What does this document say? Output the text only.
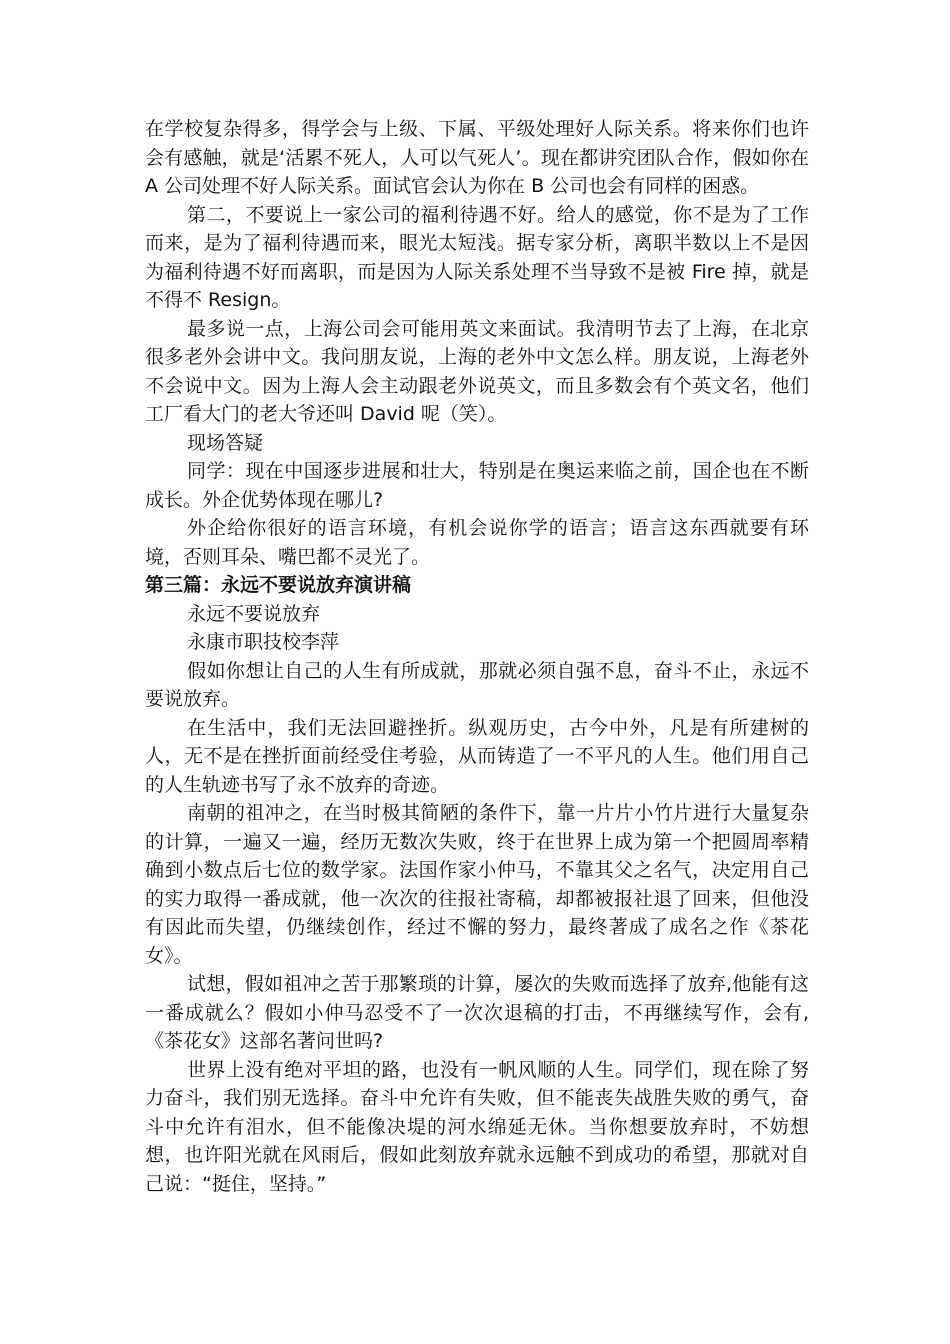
在学校复杂得多，得学会与上级、下属、平级处理好人际关系。将来你们也许会有感触，就是‘活累不死人，人可以气死人’。现在都讲究团队合作，假如你在 A 公司处理不好人际关系。面试官会认为你在 B 公司也会有同样的困惑。

第二，不要说上一家公司的福利待遇不好。给人的感觉，你不是为了工作而来，是为了福利待遇而来，眼光太短浅。据专家分析，离职半数以上不是因为福利待遇不好而离职，而是因为人际关系处理不当导致不是被 Fire 掉，就是不得不 Resign。

最多说一点，上海公司会可能用英文来面试。我清明节去了上海，在北京很多老外会讲中文。我问朋友说，上海的老外中文怎么样。朋友说，上海老外不会说中文。因为上海人会主动跟老外说英文，而且多数会有个英文名，他们工厂看大门的老大爷还叫 David 呢（笑）。

现场答疑

同学：现在中国逐步进展和壮大，特别是在奥运来临之前，国企也在不断成长。外企优势体现在哪儿?

外企给你很好的语言环境，有机会说你学的语言；语言这东西就要有环境，否则耳朵、嘴巴都不灵光了。

第三篇：永远不要说放弃演讲稿

永远不要说放弃

永康市职技校李萍

假如你想让自己的人生有所成就，那就必须自强不息，奋斗不止，永远不要说放弃。

在生活中，我们无法回避挫折。纵观历史，古今中外，凡是有所建树的人，无不是在挫折面前经受住考验，从而铸造了一不平凡的人生。他们用自己的人生轨迹书写了永不放弃的奇迹。

南朝的祖冲之，在当时极其简陋的条件下，靠一片片小竹片进行大量复杂的计算，一遍又一遍，经历无数次失败，终于在世界上成为第一个把圆周率精确到小数点后七位的数学家。法国作家小仲马，不靠其父之名气，决定用自己的实力取得一番成就，他一次次的往报社寄稿，却都被报社退了回来，但他没有因此而失望，仍继续创作，经过不懈的努力，最终著成了成名之作《茶花女》。

试想，假如祖冲之苦于那繁琐的计算，屡次的失败而选择了放弃,他能有这一番成就么？假如小仲马忍受不了一次次退稿的打击，不再继续写作，会有,《茶花女》这部名著问世吗?

世界上没有绝对平坦的路，也没有一帆风顺的人生。同学们，现在除了努力奋斗，我们别无选择。奋斗中允许有失败，但不能丧失战胜失败的勇气，奋斗中允许有泪水，但不能像决堤的河水绵延无休。当你想要放弃时，不妨想想，也许阳光就在风雨后，假如此刻放弃就永远触不到成功的希望，那就对自己说：“挺住，坚持。”
